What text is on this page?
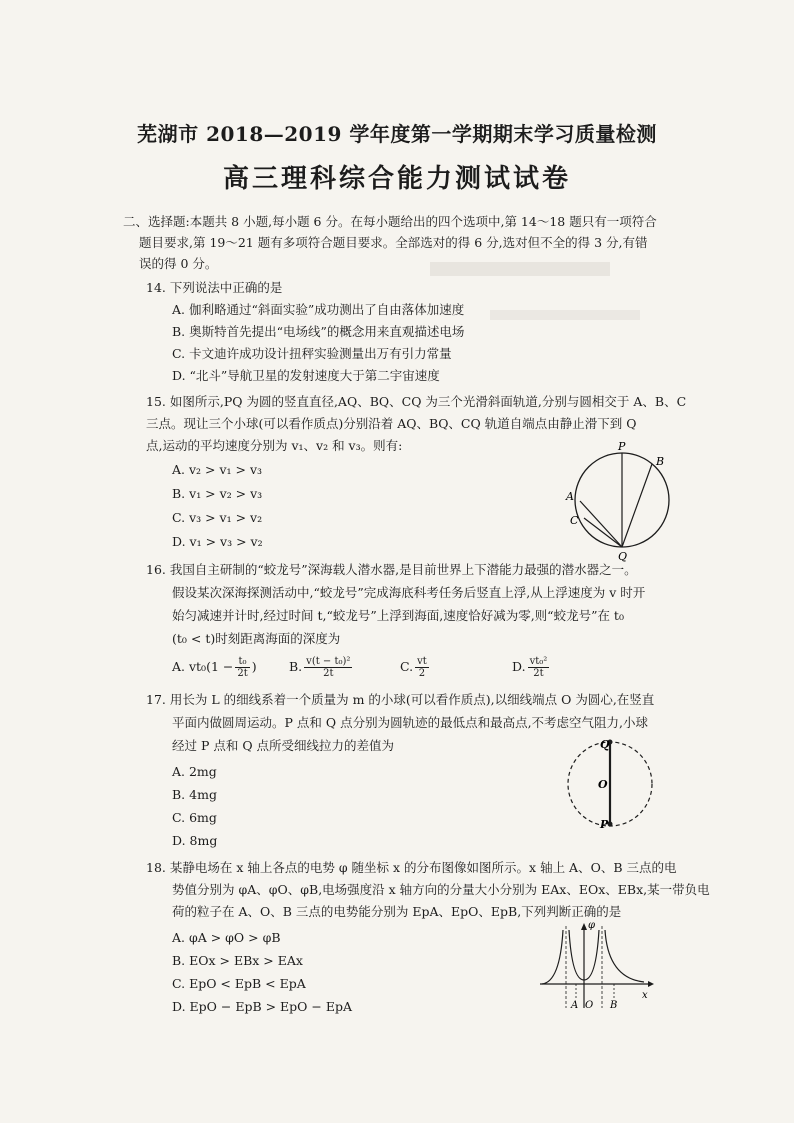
芜湖市 2018—2019 学年度第一学期期末学习质量检测
高三理科综合能力测试试卷
二、选择题:本题共 8 小题,每小题 6 分。在每小题给出的四个选项中,第 14～18 题只有一项符合
题目要求,第 19～21 题有多项符合题目要求。全部选对的得 6 分,选对但不全的得 3 分,有错
误的得 0 分。
14. 下列说法中正确的是
A. 伽利略通过“斜面实验”成功测出了自由落体加速度
B. 奥斯特首先提出“电场线”的概念用来直观描述电场
C. 卡文迪许成功设计扭秤实验测量出万有引力常量
D. “北斗”导航卫星的发射速度大于第二宇宙速度
15. 如图所示,PQ 为圆的竖直直径,AQ、BQ、CQ 为三个光滑斜面轨道,分别与圆相交于 A、B、C
三点。现让三个小球(可以看作质点)分别沿着 AQ、BQ、CQ 轨道自端点由静止滑下到 Q
点,运动的平均速度分别为 v₁、v₂ 和 v₃。则有:
A. v₂ > v₁ > v₃
B. v₁ > v₂ > v₃
C. v₃ > v₁ > v₂
D. v₁ > v₃ > v₂
P
B
A
C
Q
16. 我国自主研制的“蛟龙号”深海载人潜水器,是目前世界上下潜能力最强的潜水器之一。
假设某次深海探测活动中,“蛟龙号”完成海底科考任务后竖直上浮,从上浮速度为 v 时开
始匀减速并计时,经过时间 t,“蛟龙号”上浮到海面,速度恰好减为零,则“蛟龙号”在 t₀
(t₀ < t)时刻距离海面的深度为
A. $vt_0(1 - \frac{\text{t₀}}{2t}$ )	B. $\frac{\text{v(t − t₀)²}}{2t}$	C. $\frac{vt}{2}$	D. $\frac{\text{vt₀²}}{2t}$
17. 用长为 L 的细线系着一个质量为 m 的小球(可以看作质点),以细线端点 O 为圆心,在竖直
平面内做圆周运动。P 点和 Q 点分别为圆轨迹的最低点和最高点,不考虑空气阻力,小球
经过 P 点和 Q 点所受细线拉力的差值为
A. 2mg
B. 4mg
C. 6mg
D. 8mg
Q
O
P
18. 某静电场在 x 轴上各点的电势 φ 随坐标 x 的分布图像如图所示。x 轴上 A、O、B 三点的电
势值分别为 φA、φO、φB,电场强度沿 x 轴方向的分量大小分别为 EAx、EOx、EBx,某一带负电
荷的粒子在 A、O、B 三点的电势能分别为 EpA、EpO、EpB,下列判断正确的是
A. φA > φO > φB
B. EOx > EBx > EAx
C. EpO < EpB < EpA
D. EpO − EpB > EpO − EpA
φ
x
A O B
